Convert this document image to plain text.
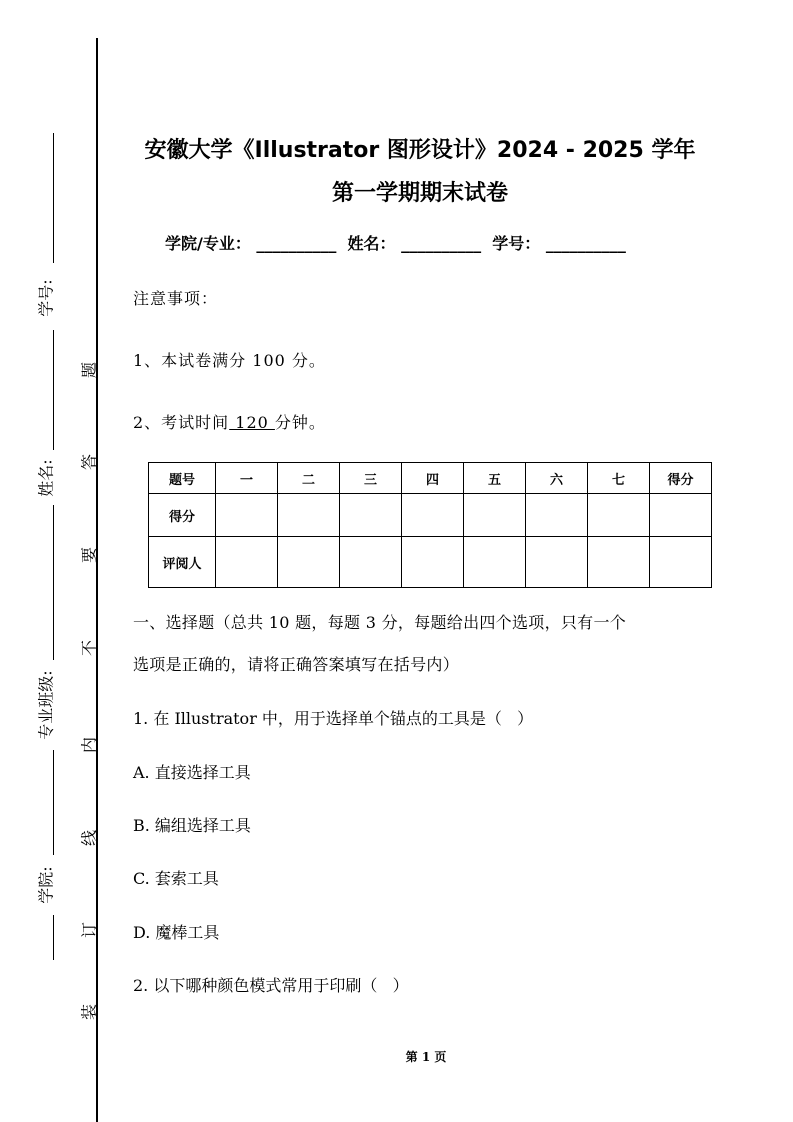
学号:
姓名:
专业班级:
学院:
题
答
要
不
内
线
订
装
安徽大学《Illustrator 图形设计》2024 - 2025 学年
第一学期期末试卷
学院/专业： __________  姓名： __________  学号： __________
注意事项：
1、本试卷满分 100 分。
2、考试时间 120 分钟。
题号	一	二	三	四	五	六	七	得分
得分								
评阅人								
一、选择题（总共 10 题，每题 3 分，每题给出四个选项，只有一个
选项是正确的，请将正确答案填写在括号内）
1. 在 Illustrator 中，用于选择单个锚点的工具是（   ）
A. 直接选择工具
B. 编组选择工具
C. 套索工具
D. 魔棒工具
2. 以下哪种颜色模式常用于印刷（   ）
第 1 页
